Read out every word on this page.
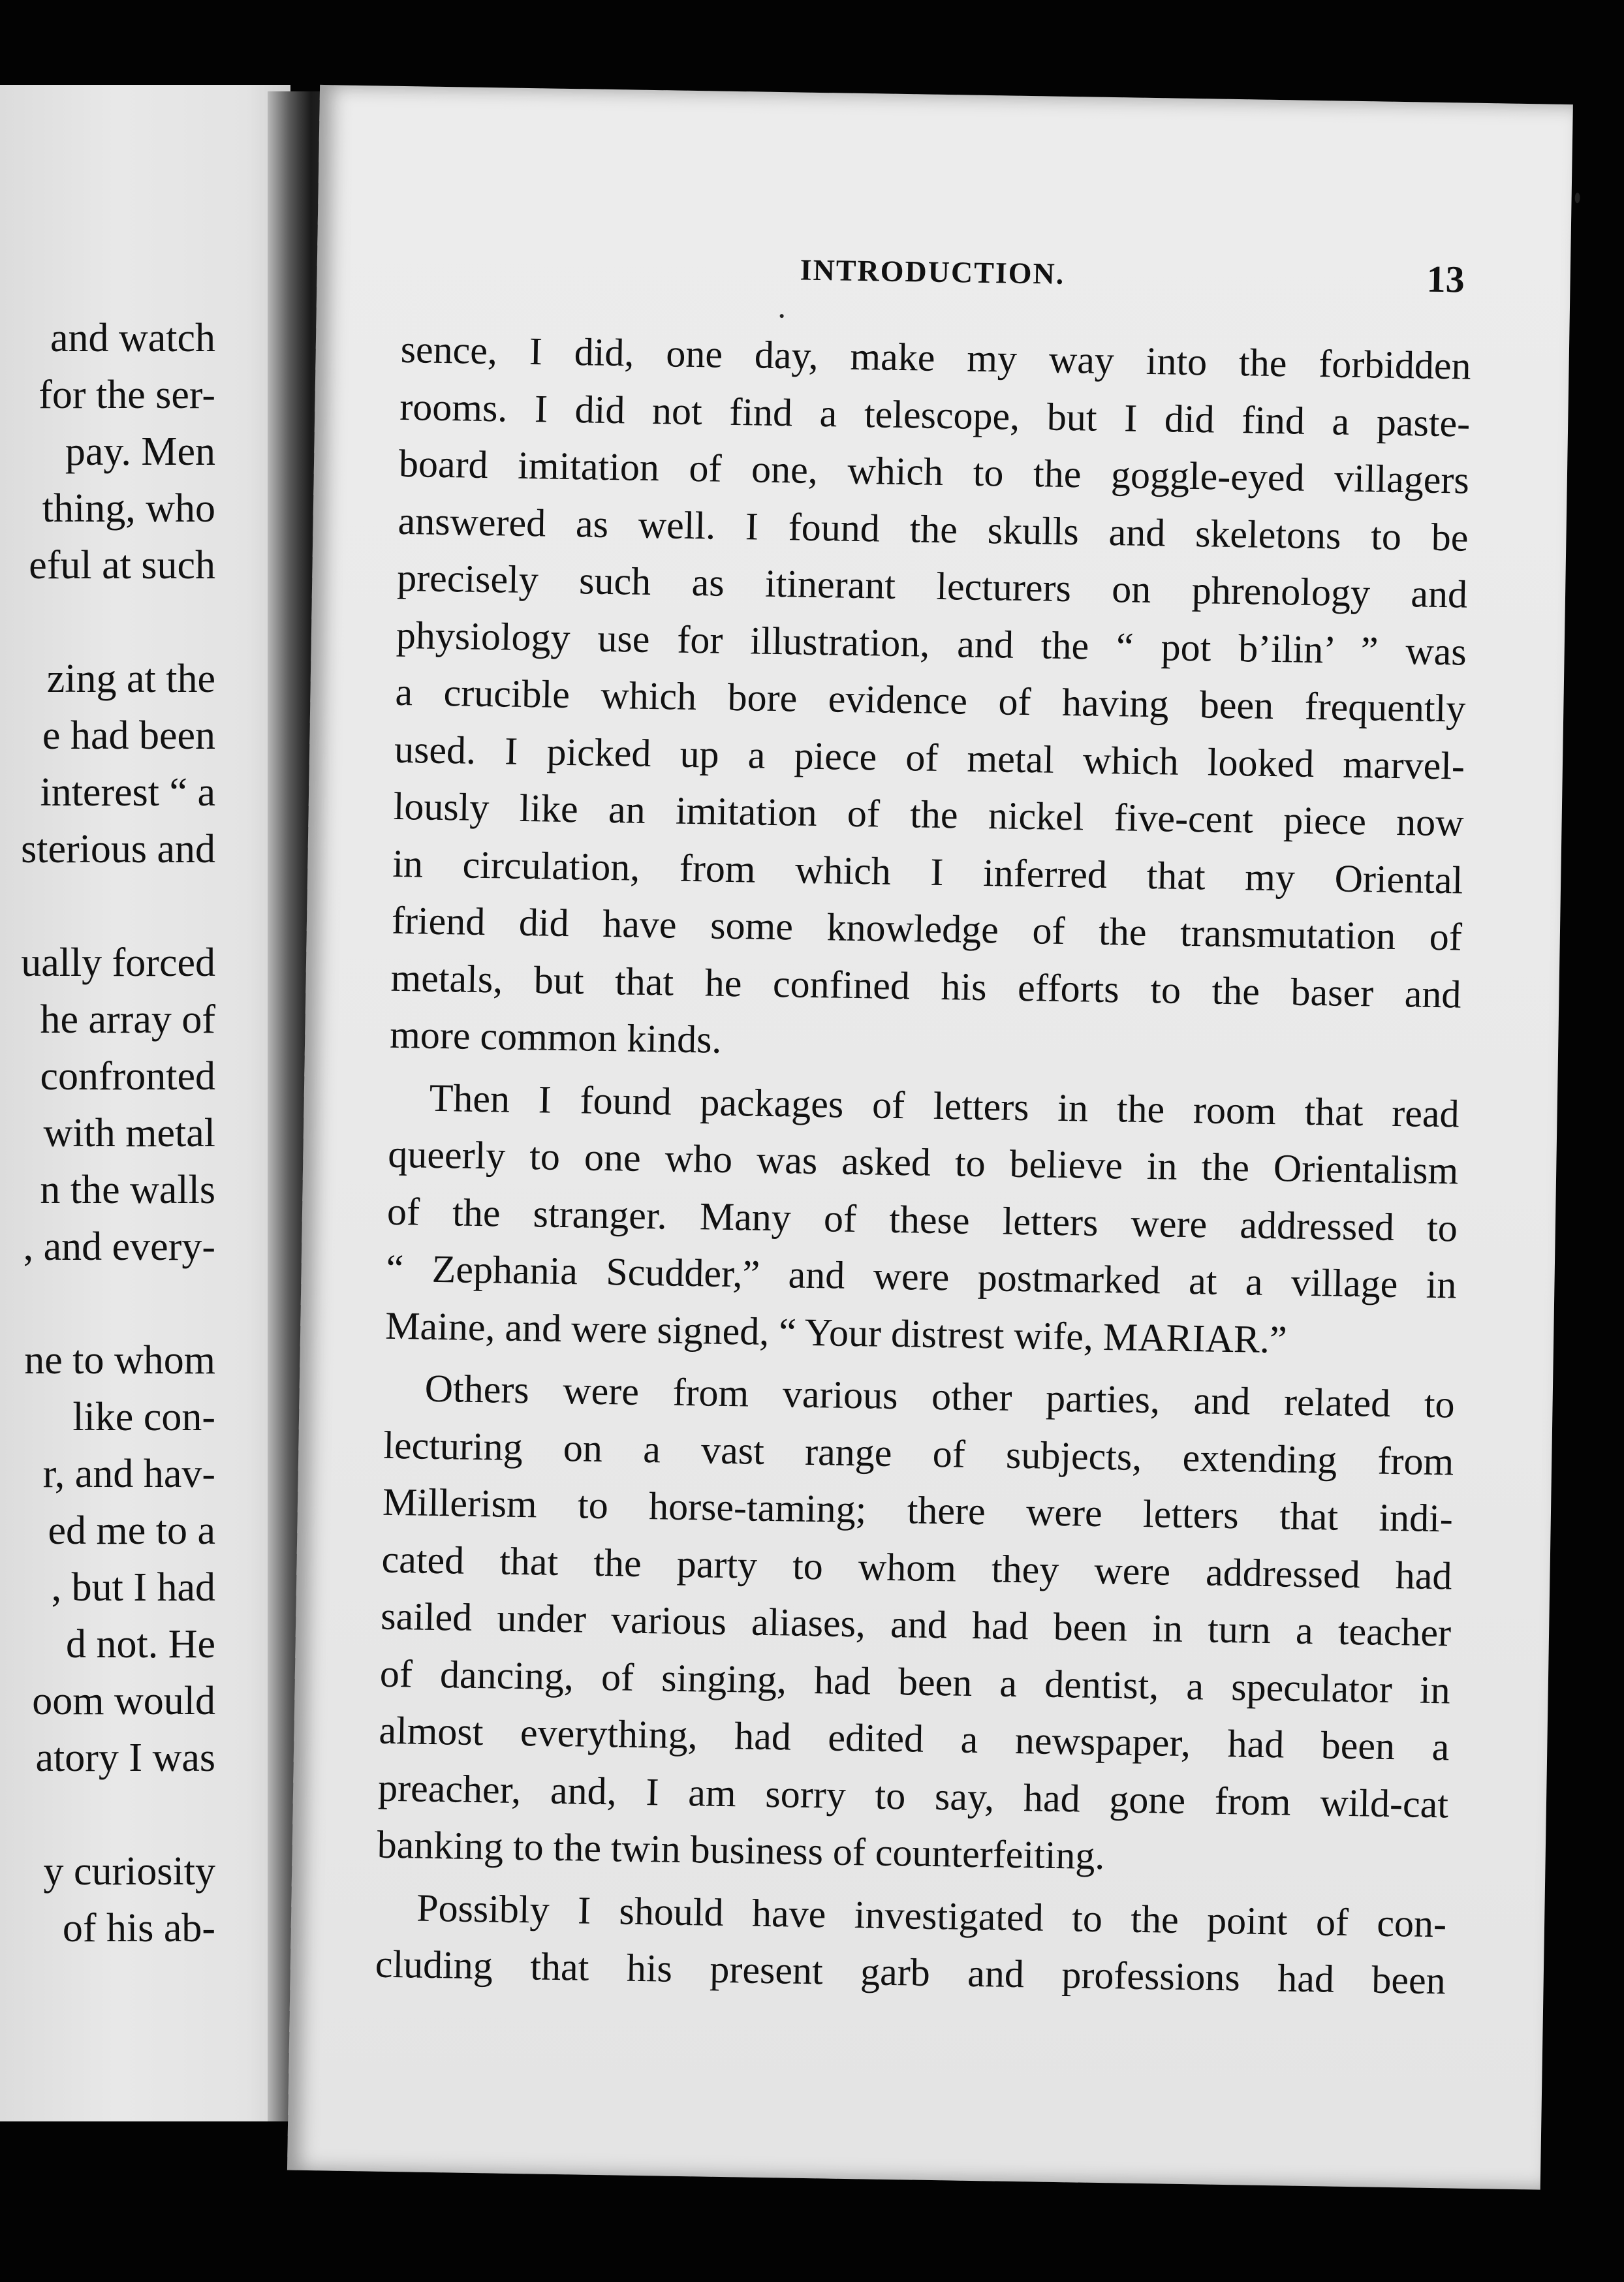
and watch
for the ser-
pay. Men
thing, who
eful at such
zing at the
e had been
interest “ a
sterious and
ually forced
he array of
confronted
with metal
n the walls
, and every-
ne to whom
like con-
r, and hav-
ed me to a
, but I had
d not. He
oom would
atory I was
y curiosity
of his ab-
INTRODUCTION.	13
sence, I did, one day, make my way into the forbidden
rooms. I did not find a telescope, but I did find a paste-
board imitation of one, which to the goggle-eyed villagers
answered as well. I found the skulls and skeletons to be
precisely such as itinerant lecturers on phrenology and
physiology use for illustration, and the “ pot b’ilin’ ” was
a crucible which bore evidence of having been frequently
used. I picked up a piece of metal which looked marvel-
lously like an imitation of the nickel five-cent piece now
in circulation, from which I inferred that my Oriental
friend did have some knowledge of the transmutation of
metals, but that he confined his efforts to the baser and
more common kinds.
Then I found packages of letters in the room that read
queerly to one who was asked to believe in the Orientalism
of the stranger. Many of these letters were addressed to
“ Zephania Scudder,” and were postmarked at a village in
Maine, and were signed, “ Your distrest wife, MARIAR.”
Others were from various other parties, and related to
lecturing on a vast range of subjects, extending from
Millerism to horse-taming; there were letters that indi-
cated that the party to whom they were addressed had
sailed under various aliases, and had been in turn a teacher
of dancing, of singing, had been a dentist, a speculator in
almost everything, had edited a newspaper, had been a
preacher, and, I am sorry to say, had gone from wild-cat
banking to the twin business of counterfeiting.
Possibly I should have investigated to the point of con-
cluding that his present garb and professions had been
